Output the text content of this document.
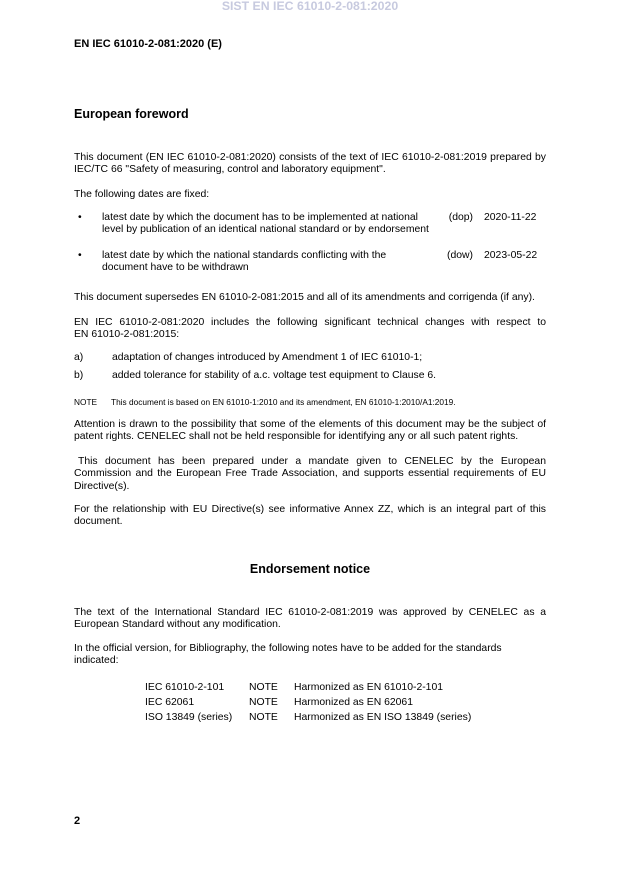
SIST EN IEC 61010-2-081:2020
EN IEC 61010-2-081:2020 (E)
European foreword

This document (EN IEC 61010-2-081:2020) consists of the text of IEC 61010-2-081:2019 prepared by IEC/TC 66 "Safety of measuring, control and laboratory equipment".

The following dates are fixed:

• latest date by which the document has to be implemented at national level by publication of an identical national standard or by endorsement
(dop) 2020-11-22
• latest date by which the national standards conflicting with the document have to be withdrawn
(dow) 2023-05-22

This document supersedes EN 61010-2-081:2015 and all of its amendments and corrigenda (if any).

EN IEC 61010-2-081:2020 includes the following significant technical changes with respect to EN 61010-2-081:2015:

a)	adaptation of changes introduced by Amendment 1 of IEC 61010-1;
b)	added tolerance for stability of a.c. voltage test equipment to Clause 6.
NOTE This document is based on EN 61010-1:2010 and its amendment, EN 61010-1:2010/A1:2019.

Attention is drawn to the possibility that some of the elements of this document may be the subject of patent rights. CENELEC shall not be held responsible for identifying any or all such patent rights.

This document has been prepared under a mandate given to CENELEC by the European Commission and the European Free Trade Association, and supports essential requirements of EU Directive(s).

For the relationship with EU Directive(s) see informative Annex ZZ, which is an integral part of this document.

Endorsement notice

The text of the International Standard IEC 61010-2-081:2019 was approved by CENELEC as a European Standard without any modification.

In the official version, for Bibliography, the following notes have to be added for the standards indicated:

IEC 61010-2-101 NOTE Harmonized as EN 61010-2-101
IEC 62061	NOTE Harmonized as EN 62061
ISO 13849 (series) NOTE Harmonized as EN ISO 13849 (series)
2
